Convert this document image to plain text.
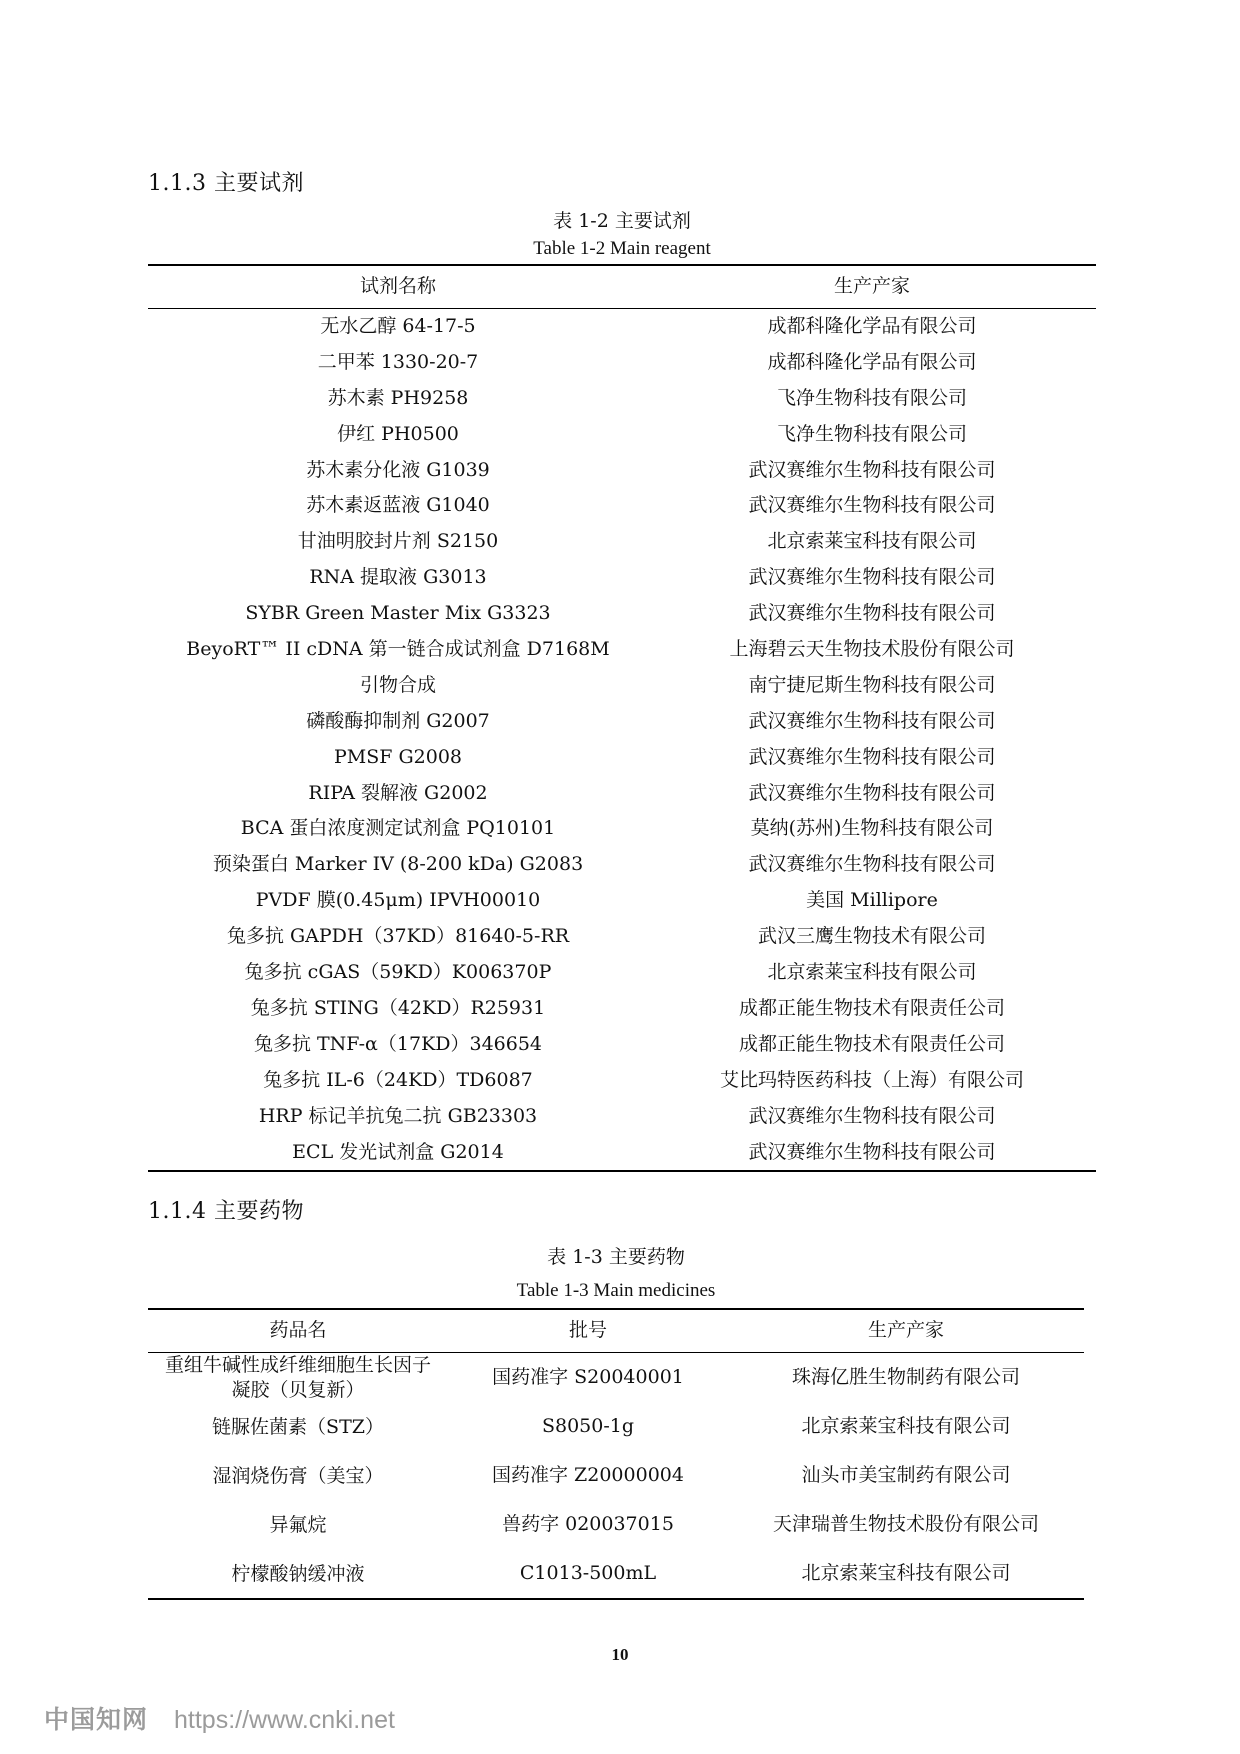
1.1.3 主要试剂
表 1-2 主要试剂
Table 1-2 Main reagent
试剂名称	生产产家
无水乙醇 64-17-5	成都科隆化学品有限公司
二甲苯 1330-20-7	成都科隆化学品有限公司
苏木素 PH9258	飞净生物科技有限公司
伊红 PH0500	飞净生物科技有限公司
苏木素分化液 G1039	武汉赛维尔生物科技有限公司
苏木素返蓝液 G1040	武汉赛维尔生物科技有限公司
甘油明胶封片剂 S2150	北京索莱宝科技有限公司
RNA 提取液 G3013	武汉赛维尔生物科技有限公司
SYBR Green Master Mix G3323	武汉赛维尔生物科技有限公司
BeyoRT™ II cDNA 第一链合成试剂盒 D7168M	上海碧云天生物技术股份有限公司
引物合成	南宁捷尼斯生物科技有限公司
磷酸酶抑制剂 G2007	武汉赛维尔生物科技有限公司
PMSF G2008	武汉赛维尔生物科技有限公司
RIPA 裂解液 G2002	武汉赛维尔生物科技有限公司
BCA 蛋白浓度测定试剂盒 PQ10101	莫纳(苏州)生物科技有限公司
预染蛋白 Marker IV (8-200 kDa) G2083	武汉赛维尔生物科技有限公司
PVDF 膜(0.45μm) IPVH00010	美国 Millipore
兔多抗 GAPDH（37KD）81640-5-RR	武汉三鹰生物技术有限公司
兔多抗 cGAS（59KD）K006370P	北京索莱宝科技有限公司
兔多抗 STING（42KD）R25931	成都正能生物技术有限责任公司
兔多抗 TNF-α（17KD）346654	成都正能生物技术有限责任公司
兔多抗 IL-6（24KD）TD6087	艾比玛特医药科技（上海）有限公司
HRP 标记羊抗兔二抗 GB23303	武汉赛维尔生物科技有限公司
ECL 发光试剂盒 G2014	武汉赛维尔生物科技有限公司
1.1.4 主要药物
表 1-3 主要药物
Table 1-3 Main medicines
药品名	批号	生产产家
重组牛碱性成纤维细胞生长因子凝胶（贝复新）	国药准字 S20040001	珠海亿胜生物制药有限公司
链脲佐菌素（STZ）	S8050-1g	北京索莱宝科技有限公司
湿润烧伤膏（美宝）	国药准字 Z20000004	汕头市美宝制药有限公司
异氟烷	兽药字 020037015	天津瑞普生物技术股份有限公司
柠檬酸钠缓冲液	C1013-500mL	北京索莱宝科技有限公司
10
中国知网 https://www.cnki.net
